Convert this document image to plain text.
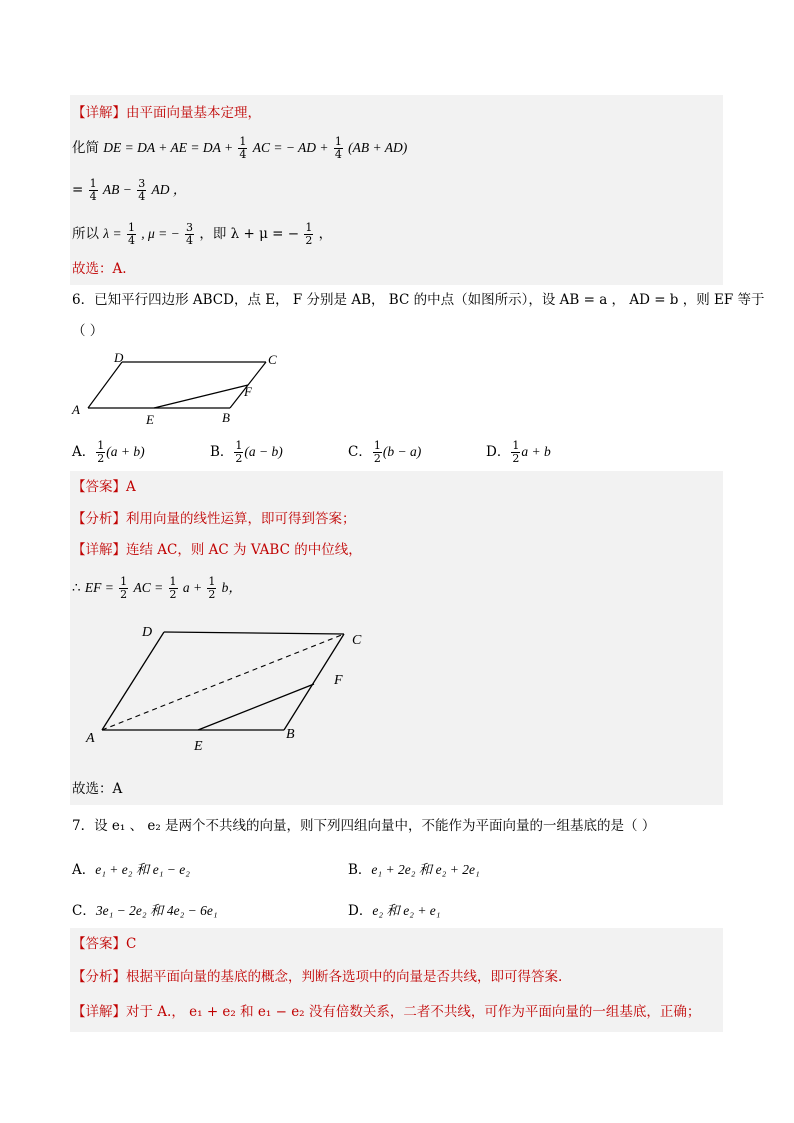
【详解】由平面向量基本定理，
化简 DE = DA + AE = DA + $\frac{1}{4}$ AC = − AD + $\frac{1}{4} (AB + AD)$
= $\frac{1}{4}$ AB − $\frac{3}{4}$ AD ，
所以 $\lambda = \frac{1}{4}$ , μ = − $\frac{3}{4}$ ，即 λ + μ = − $\frac{1}{2}$ ，
故选：A.
6．已知平行四边形 ABCD，点 E， F 分别是 AB， BC 的中点（如图所示），设 AB = a ， AD = b ，则 EF 等于
（ ）
D	C
F
A
E	B
A． $\frac{1}{2} (a + b)$	B． $\frac{1}{2} (a - b)$	C． $\frac{1}{2} (b - a)$	D． $\frac{1}{2}$ a + b
【答案】A
【分析】利用向量的线性运算，即可得到答案；
【详解】连结 AC，则 AC 为 VABC 的中位线，
∴ EF = $\frac{1}{2}$ AC = $\frac{1}{2}$ $a + \frac{1}{2}$ b，
D
C
F
A
E
B
故选：A
7．设 e₁ 、 e₂ 是两个不共线的向量，则下列四组向量中，不能作为平面向量的一组基底的是（ ）
A．e₁ + e₂ 和 e₁ − e₂	B．e₁ + 2e₂ 和 e₂ + 2e₁
C．3e₁ − 2e₂ 和 4e₂ − 6e₁	D．e₂ 和 e₂ + e₁
【答案】C
【分析】根据平面向量的基底的概念，判断各选项中的向量是否共线，即可得答案.
【详解】对于 A.， e₁ + e₂ 和 e₁ − e₂ 没有倍数关系，二者不共线，可作为平面向量的一组基底，正确；
